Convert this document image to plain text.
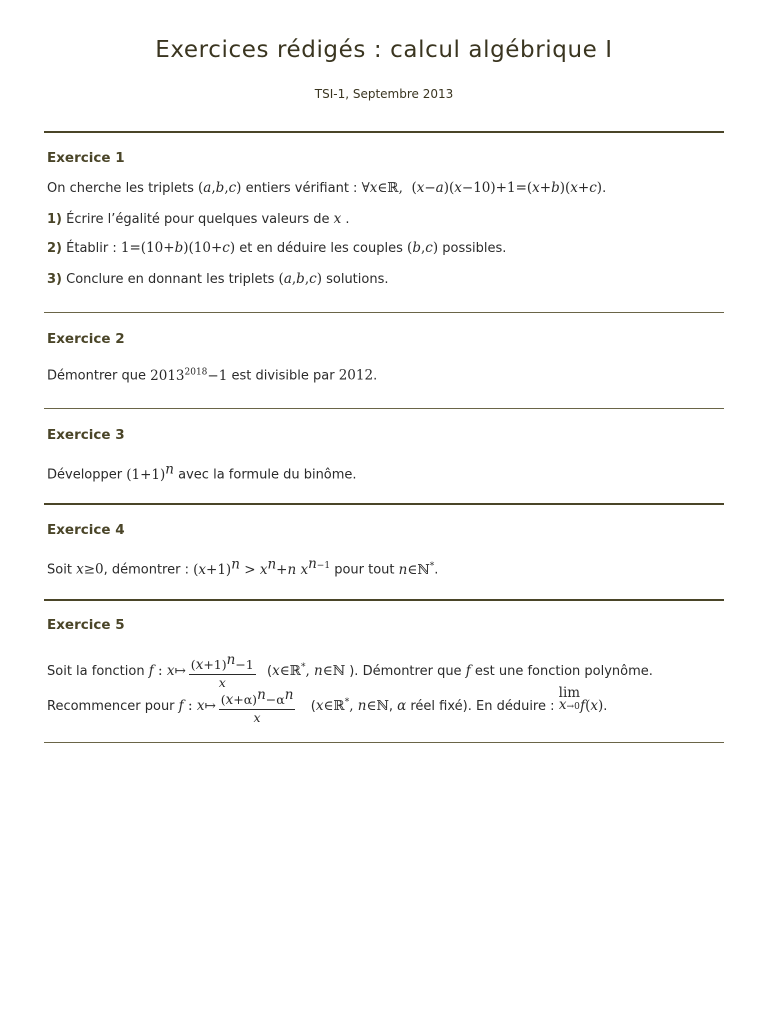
Exercices rédigés : calcul algébrique I
TSI-1, Septembre 2013
Exercice 1
On cherche les triplets (a,b,c) entiers vérifiant : ∀x∈ℝ,  (x−a)(x−10)+1=(x+b)(x+c).
1) Écrire l’égalité pour quelques valeurs de x .
2) Établir : 1=(10+b)(10+c) et en déduire les couples (b,c) possibles.
3) Conclure en donnant les triplets (a,b,c) solutions.
Exercice 2
Démontrer que $2013^{2018}-1$ est divisible par 2012.
Exercice 3
Développer $(1+1)^n$ avec la formule du binôme.
Exercice 4
Soit x≥0, démontrer : $(x+1)^n > x^n+n$ $x^{n-1}$ pour tout n∈ℕ*.
Exercice 5
Soit la fonction f : x↦ $\frac{(x+1)^n-1}{x}$ (x∈ℝ*, n∈ℕ ). Démontrer que f est une fonction polynôme.
Recommencer pour f : x↦ $\frac{(x+\alpha)^n-\alpha^n}{x}$ (x∈ℝ*, n∈ℕ, α réel fixé). En déduire : lim
x→0 f(x).
